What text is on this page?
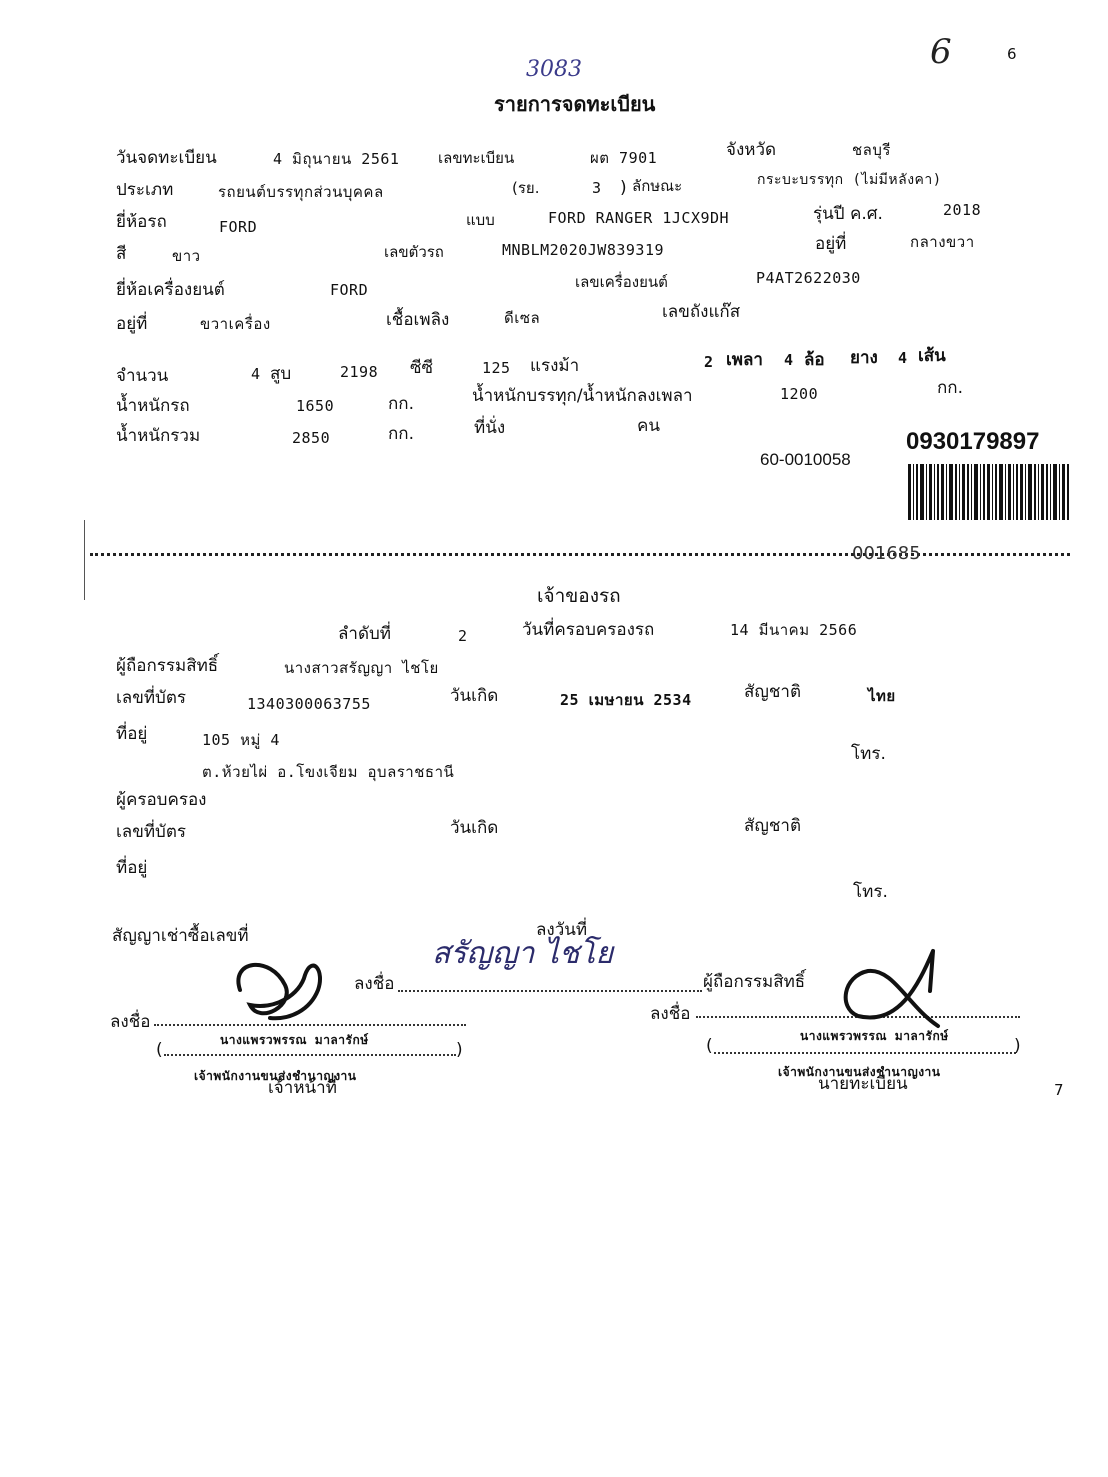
6
7
3083	6
รายการจดทะเบียน
วันจดทะเบียน	4 มิถุนายน 2561	เลขทะเบียน	ผต 7901	จังหวัด	ชลบุรี
ประเภท	รถยนต์บรรทุกส่วนบุคคล	(รย.	3 ) ลักษณะ	กระบะบรรทุก (ไม่มีหลังคา)
ยี่ห้อรถ	FORD	แบบ	FORD RANGER 1JCX9DH	รุ่นปี ค.ศ.	2018
สี	ขาว	เลขตัวรถ	MNBLM2020JW839319	อยู่ที่	กลางขวา
ยี่ห้อเครื่องยนต์	FORD	เลขเครื่องยนต์	P4AT2622030
อยู่ที่	ขวาเครื่อง	เชื้อเพลิง	ดีเซล	เลขถังแก๊ส
จำนวน	4 สูบ	2198 ซีซี	125 แรงม้า	2 เพลา 4 ล้อ ยาง 4 เส้น
น้ำหนักรถ	1650	กก.	น้ำหนักบรรทุก/น้ำหนักลงเพลา	1200	กก.
น้ำหนักรวม	2850	กก.	ที่นั่ง	คน
60-0010058
0930179897
001685
เจ้าของรถ
ลำดับที่	2	วันที่ครอบครองรถ	14 มีนาคม 2566
ผู้ถือกรรมสิทธิ์	นางสาวสรัญญา ไชโย
เลขที่บัตร	1340300063755	วันเกิด	25 เมษายน 2534	สัญชาติ	ไทย
ที่อยู่	105 หมู่ 4
ต.ห้วยไผ่ อ.โขงเจียม อุบลราชธานี
โทร.
ผู้ครอบครอง
เลขที่บัตร	วันเกิด	สัญชาติ
ที่อยู่
โทร.
สัญญาเช่าซื้อเลขที่	ลงวันที่
ลงชื่อ
สรัญญา ไชโย
ผู้ถือกรรมสิทธิ์
ลงชื่อ
นางแพรวพรรณ มาลารักษ์
(	)
เจ้าพนักงานขนส่งชำนาญงาน
เจ้าหน้าที่
ลงชื่อ
นางแพรวพรรณ มาลารักษ์
(	)
เจ้าพนักงานขนส่งชำนาญงาน
นายทะเบียน
